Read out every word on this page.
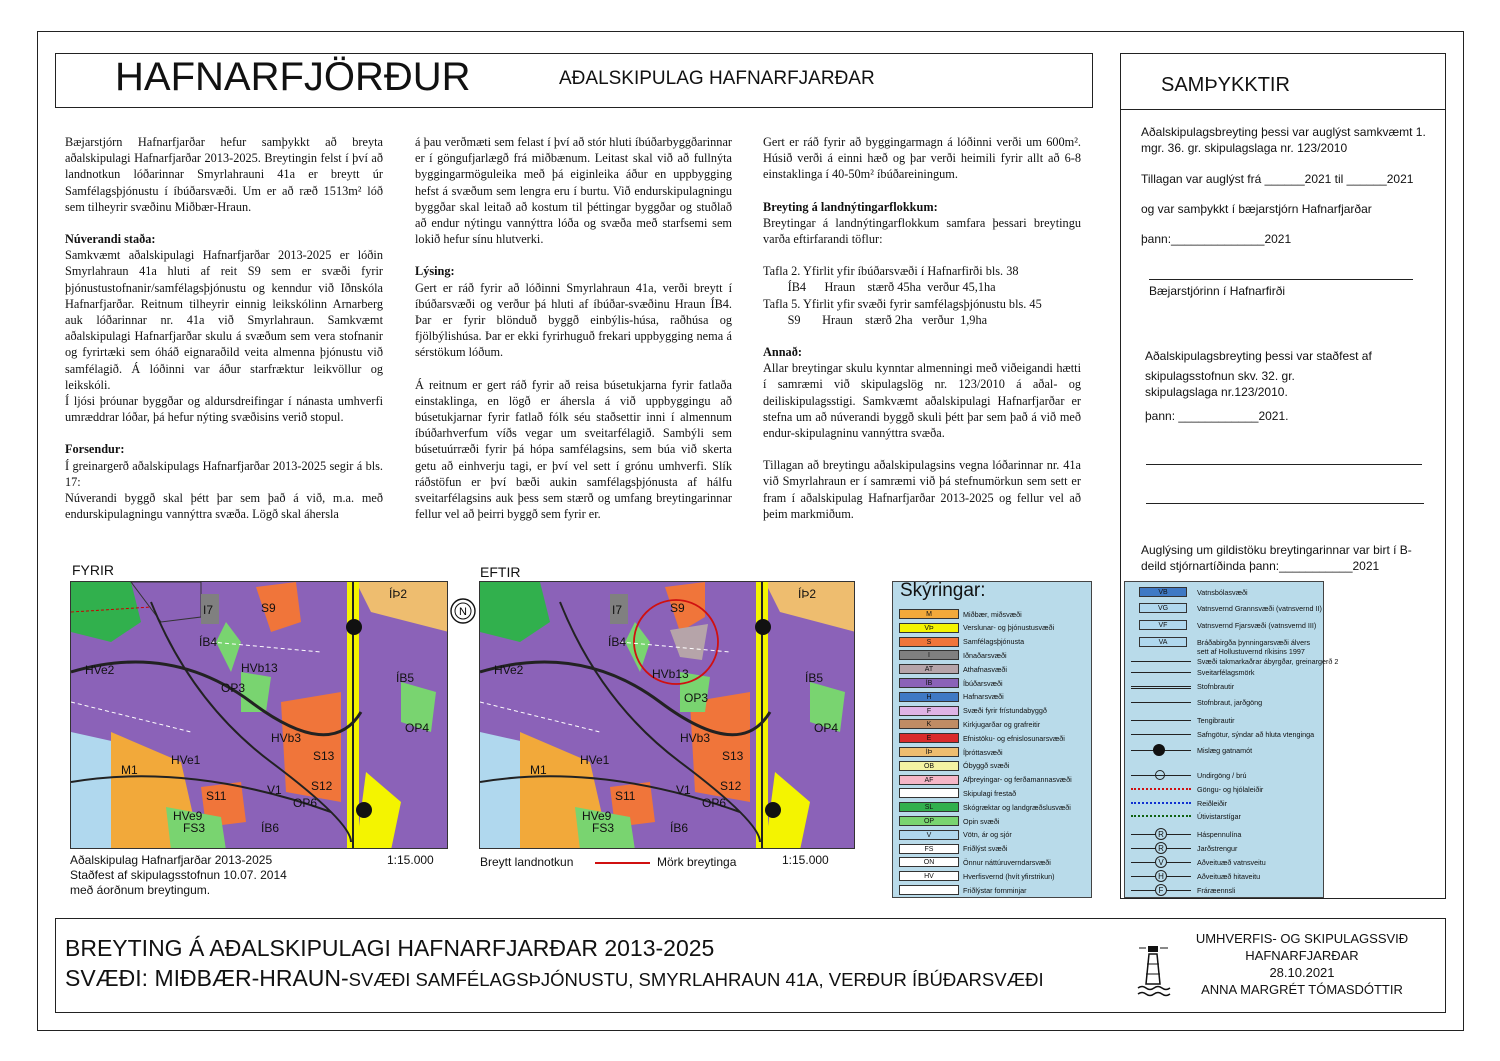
HAFNARFJÖRÐUR	AÐALSKIPULAG HAFNARFJARÐAR	SAMÞYKKTIR

Aðalskipulagsbreyting þessi var auglýst samkvæmt 1. mgr. 36. gr. skipulagslaga nr. 123/2010

Tillagan var auglýst frá ______2021 til ______2021

og var samþykkt í bæjarstjórn Hafnarfjarðar

þann:______________2021

Bæjarstjórinn í Hafnarfirði

Aðalskipulagsbreyting þessi var staðfest af

skipulagsstofnun skv. 32. gr. skipulagslaga nr.123/2010.

þann: ____________2021.

Auglýsing um gildistöku breytingarinnar var birt í B-deild stjórnartíðinda þann:___________2021

Bæjarstjórn Hafnarfjarðar hefur samþykkt að breyta aðalskipulagi Hafnarfjarðar 2013-2025. Breytingin felst í því að landnotkun lóðarinnar Smyrlahrauni 41a er breytt úr Samfélagsþjónustu í íbúðarsvæði. Um er að ræð 1513m² lóð sem tilheyrir svæðinu Miðbær-Hraun.

Núverandi staða:

Samkvæmt aðalskipulagi Hafnarfjarðar 2013-2025 er lóðin Smyrlahraun 41a hluti af reit S9 sem er svæði fyrir þjónustustofnanir/samfélagsþjónustu og kenndur við Iðnskóla Hafnarfjarðar. Reitnum tilheyrir einnig leikskólinn Arnarberg auk lóðarinnar nr. 41a við Smyrlahraun. Samkvæmt aðalskipulagi Hafnarfjarðar skulu á svæðum sem vera stofnanir og fyrirtæki sem óháð eignaraðild veita almenna þjónustu við samfélagið. Á lóðinni var áður starfræktur leikvöllur og leikskóli.

Í ljósi þróunar byggðar og aldursdreifingar í nánasta umhverfi umræddrar lóðar, þá hefur nýting svæðisins verið stopul.

Forsendur:

Í greinargerð aðalskipulags Hafnarfjarðar 2013-2025 segir á bls. 17:

Núverandi byggð skal þétt þar sem það á við, m.a. með endurskipulagningu vannýttra svæða. Lögð skal áhersla

á þau verðmæti sem felast í því að stór hluti íbúðarbyggðarinnar er í göngufjarlægð frá miðbænum. Leitast skal við að fullnýta byggingarmöguleika með þá eiginleika áður en uppbygging hefst á svæðum sem lengra eru í burtu. Við endurskipulagningu byggðar skal leitað að kostum til þéttingar byggðar og stuðlað að endur nýtingu vannýttra lóða og svæða með starfsemi sem lokið hefur sínu hlutverki.

Lýsing:

Gert er ráð fyrir að lóðinni Smyrlahraun 41a, verði breytt í íbúðarsvæði og verður þá hluti af íbúðar-svæðinu Hraun ÍB4. Þar er fyrir blönduð byggð einbýlis-húsa, raðhúsa og fjölbýlishúsa. Þar er ekki fyrirhuguð frekari uppbygging nema á sérstökum lóðum.

Á reitnum er gert ráð fyrir að reisa búsetukjarna fyrir fatlaða einstaklinga, en lögð er áhersla á við uppbyggingu að búsetukjarnar fyrir fatlað fólk séu staðsettir inni í almennum íbúðarhverfum víðs vegar um sveitarfélagið. Sambýli sem búsetuúrræði fyrir þá hópa samfélagsins, sem búa við skerta getu að einhverju tagi, er því vel sett í grónu umhverfi. Slík ráðstöfun er því bæði aukin samfélagsþjónusta af hálfu sveitarfélagsins auk þess sem stærð og umfang breytingarinnar fellur vel að þeirri byggð sem fyrir er.

Gert er ráð fyrir að byggingarmagn á lóðinni verði um 600m². Húsið verði á einni hæð og þar verði heimili fyrir allt að 6-8 einstaklinga í 40-50m² íbúðareiningum.

Breyting á landnýtingarflokkum:

Breytingar á landnýtingarflokkum samfara þessari breytingu varða eftirfarandi töflur:

Tafla 2. Yfirlit yfir íbúðarsvæði í Hafnarfirði bls. 38

ÍB4      Hraun    stærð 45ha  verður 45,1ha

Tafla 5. Yfirlit yfir svæði fyrir samfélagsþjónustu bls. 45

S9       Hraun    stærð 2ha   verður  1,9ha

Annað:

Allar breytingar skulu kynntar almenningi með viðeigandi hætti í samræmi við skipulagslög nr. 123/2010 á aðal- og deiliskipulagsstigi. Samkvæmt aðalskipulagi Hafnarfjarðar er stefna um að núverandi byggð skuli þétt þar sem það á við með endur-skipulagninu vannýttra svæða.

Tillagan að breytingu aðalskipulagsins vegna lóðarinnar nr. 41a við Smyrlahraun er í samræmi við þá stefnumörkun sem sett er fram í aðalskipulag Hafnarfjarðar 2013-2025 og fellur vel að þeim markmiðum.

FYRIR	EFTIR
S9
ÍÞ2
I7
ÍB4
ÍB5
S13
S12
S11
ÍB6
FS3
M1
OP3
OP4
HVb3
HVe1
V1
OP6
HVe9
HVe2	HVb13
N	S9
ÍÞ2
I7
ÍB4
ÍB5
S13
S12
S11
ÍB6
FS3
M1
OP3
OP4
HVb3
HVe1
V1
OP6
HVe9
HVe2	HVb13
Aðalskipulag Hafnarfjarðar 2013-2025
Staðfest af skipulagsstofnun 10.07. 2014
með áorðnum breytingum.
1:15.000	Breytt landnotkun	Mörk breytinga	1:15.000
Skýringar:
M	Miðbær, miðsvæði
VÞ	Verslunar- og þjónustusvæði
S	Samfélagsþjónusta
I	Iðnaðarsvæði
AT	Athafnasvæði
ÍB	Íbúðarsvæði
H	Hafnarsvæði
F	Svæði fyrir frístundabyggð
K	Kirkjugarðar og grafreitir
E	Efnistöku- og efnislosunarsvæði
ÍÞ	Íþróttasvæði
OB	Óbyggð svæði
AF	Afþreyingar- og ferðamannasvæði
Skipulagi frestað
SL	Skógræktar og landgræðslusvæði
OP	Opin svæði
V	Vötn, ár og sjór
FS	Friðlýst svæði
ON	Önnur náttúruverndarsvæði
HV	Hverfisvernd (hvít yfirstrikun)
Friðlýstar fornminjar
VB	Vatnsbólasvæði
VG	Vatnsvernd Grannsvæði (vatnsvernd II)
VF	Vatnsvernd Fjarsvæði (vatnsvernd III)
VA	Bráðabirgða þynningarsvæði álvers
sett af Hollustuvernd ríkisins 1997
Svæði takmarkaðrar ábyrgðar, greinargerð 2
Sveitarfélagsmörk
Stofnbrautir
Stofnbraut, jarðgöng
Tengibrautir
Safngötur, sýndar að hluta vtenginga
Mislæg gatnamót
Undirgöng / brú
Göngu- og hjólaleiðir
Reiðleiðir
Útivistarstígar
R	Háspennulína
R	Jarðstrengur
V	Aðveituæð vatnsveitu
H	Aðveituæð hitaveitu
F	Fráræennsli
BREYTING Á AÐALSKIPULAGI HAFNARFJARÐAR 2013-2025
SVÆÐI: MIÐBÆR-HRAUN-SVÆÐI SAMFÉLAGSÞJÓNUSTU, SMYRLAHRAUN 41A, VERÐUR ÍBÚÐARSVÆÐI
UMHVERFIS- OG SKIPULAGSSVIÐ
HAFNARFJARÐAR
28.10.2021
ANNA MARGRÉT TÓMASDÓTTIR
